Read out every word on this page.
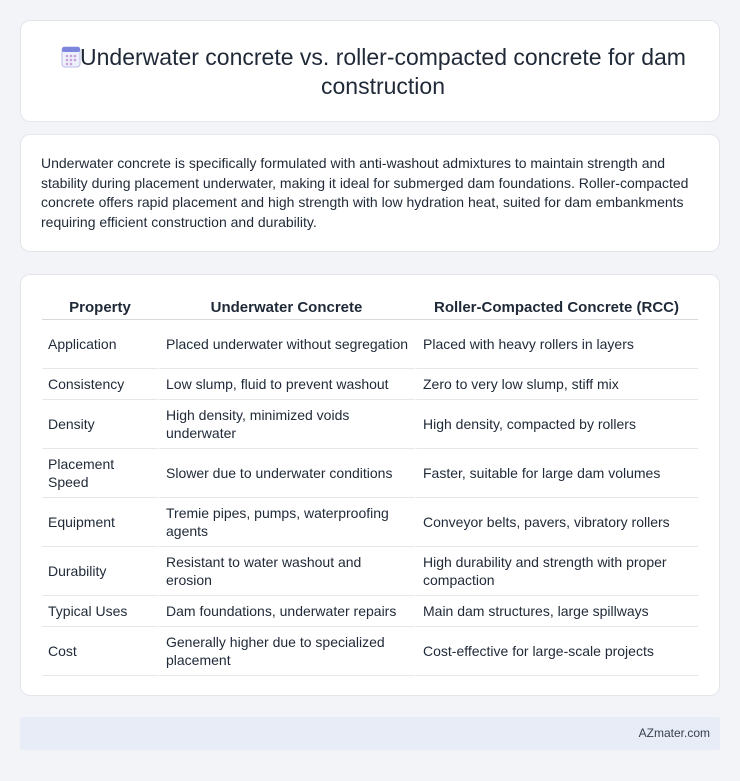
Underwater concrete vs. roller-compacted concrete for dam construction

Underwater concrete is specifically formulated with anti-washout admixtures to maintain strength and stability during placement underwater, making it ideal for submerged dam foundations. Roller-compacted concrete offers rapid placement and high strength with low hydration heat, suited for dam embankments requiring efficient construction and durability.

Property	Underwater Concrete	Roller-Compacted Concrete (RCC)
Application	Placed underwater without segregation	Placed with heavy rollers in layers
Consistency	Low slump, fluid to prevent washout	Zero to very low slump, stiff mix
Density	High density, minimized voids underwater	High density, compacted by rollers
Placement Speed	Slower due to underwater conditions	Faster, suitable for large dam volumes
Equipment	Tremie pipes, pumps, waterproofing agents	Conveyor belts, pavers, vibratory rollers
Durability	Resistant to water washout and erosion	High durability and strength with proper compaction
Typical Uses	Dam foundations, underwater repairs	Main dam structures, large spillways
Cost	Generally higher due to specialized placement	Cost-effective for large-scale projects
AZmater.com
